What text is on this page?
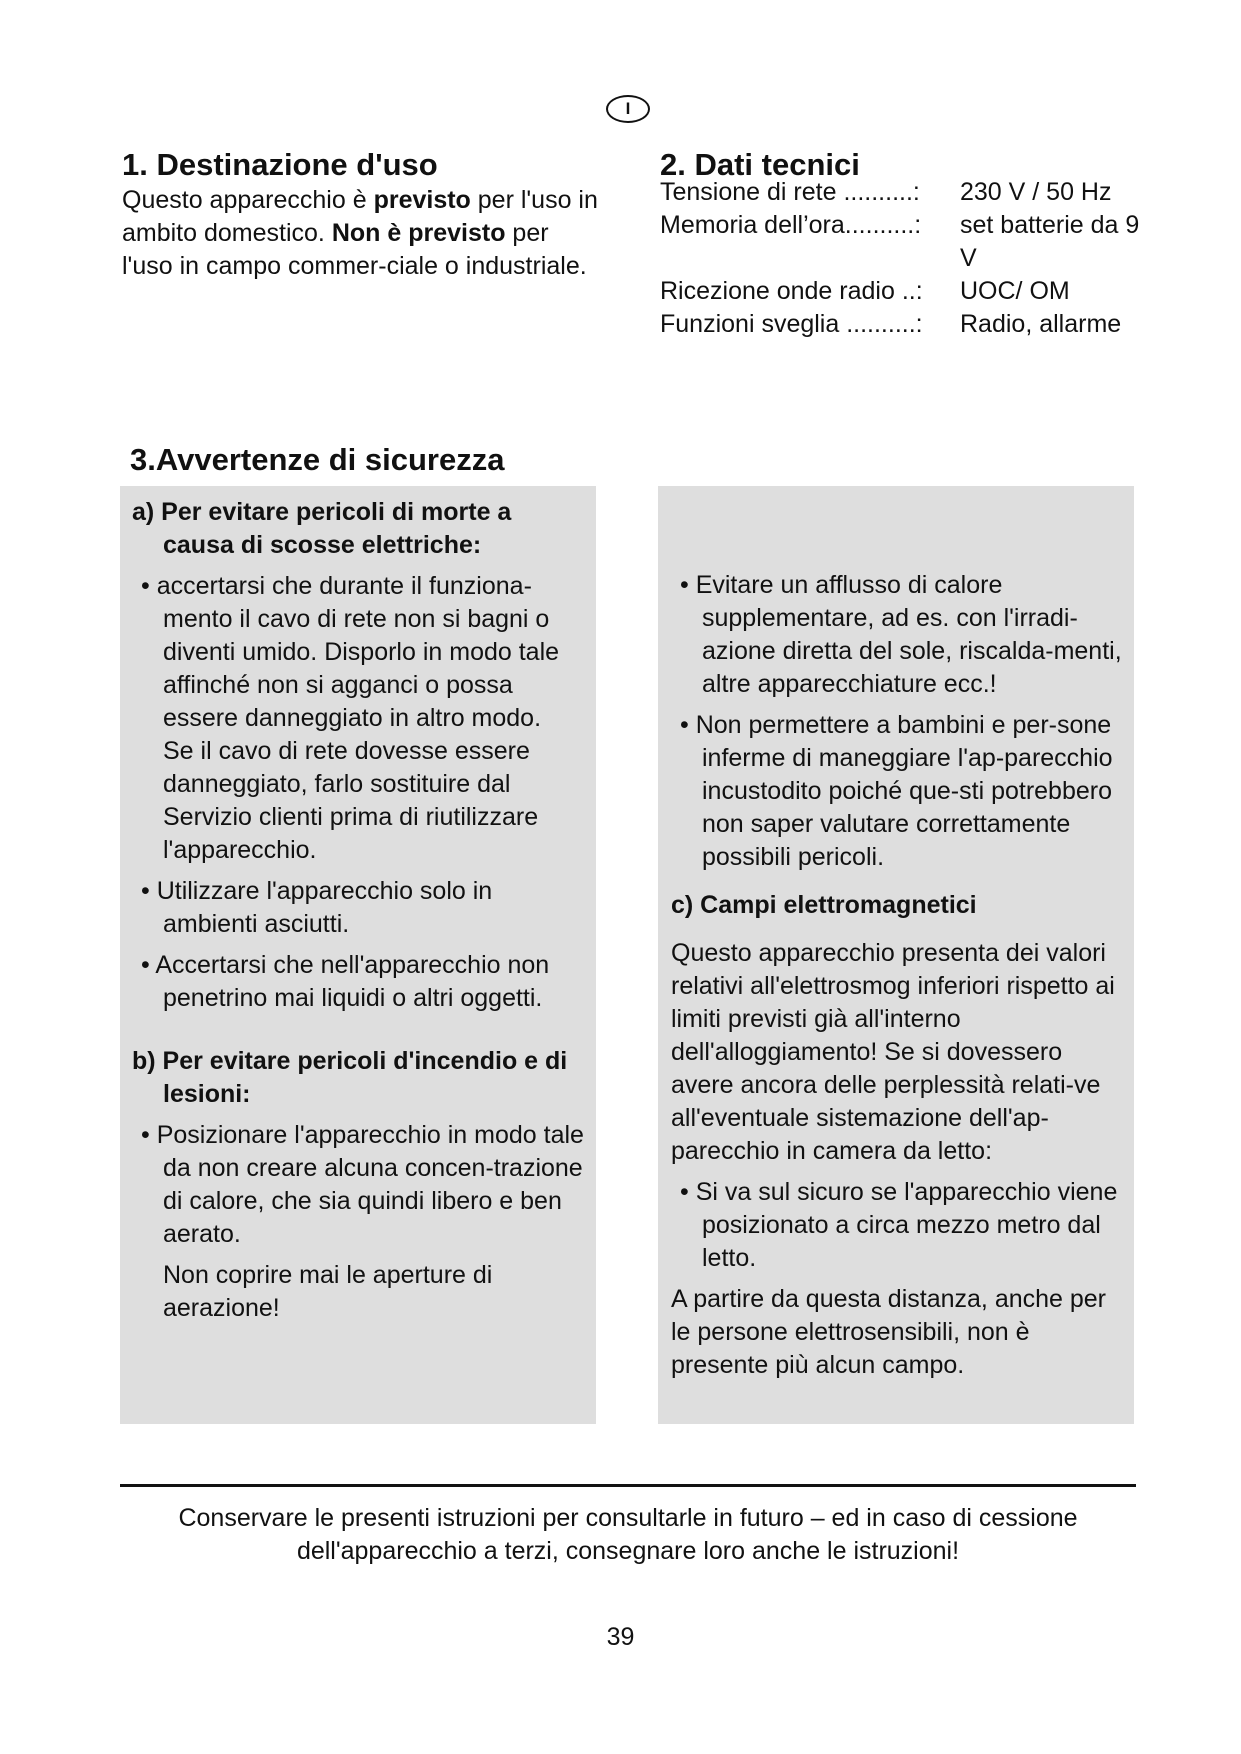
I
1. Destinazione d'uso
Questo apparecchio è previsto per l'uso in ambito domestico. Non è previsto per l'uso in campo commer-ciale o industriale.
2. Dati tecnici
Tensione di rete ..........:	230 V / 50 Hz
Memoria dell’ora..........:	set batterie da 9 V
Ricezione onde radio ..:	UOC/ OM
Funzioni sveglia ..........:	Radio, allarme
3.Avvertenze di sicurezza

a) Per evitare pericoli di morte a causa di scosse elettriche:

• accertarsi che durante il funziona-mento il cavo di rete non si bagni o diventi umido. Disporlo in modo tale affinché non si agganci o possa essere danneggiato in altro modo.

Se il cavo di rete dovesse essere danneggiato, farlo sostituire dal Servizio clienti prima di riutilizzare l'apparecchio.

• Utilizzare l'apparecchio solo in ambienti asciutti.

• Accertarsi che nell'apparecchio non penetrino mai liquidi o altri oggetti.

b) Per evitare pericoli d'incendio e di lesioni:

• Posizionare l'apparecchio in modo tale da non creare alcuna concen-trazione di calore, che sia quindi libero e ben aerato.

Non coprire mai le aperture di aerazione!

• Evitare un afflusso di calore supplementare, ad es. con l'irradi-azione diretta del sole, riscalda-menti, altre apparecchiature ecc.!

• Non permettere a bambini e per-sone inferme di maneggiare l'ap-parecchio incustodito poiché que-sti potrebbero non saper valutare correttamente possibili pericoli.

c) Campi elettromagnetici

Questo apparecchio presenta dei valori relativi all'elettrosmog inferiori rispetto ai limiti previsti già all'interno dell'alloggiamento! Se si dovessero avere ancora delle perplessità relati-ve all'eventuale sistemazione dell'ap-parecchio in camera da letto:

• Si va sul sicuro se l'apparecchio viene posizionato a circa mezzo metro dal letto.

A partire da questa distanza, anche per le persone elettrosensibili, non è presente più alcun campo.

Conservare le presenti istruzioni per consultarle in futuro – ed in caso di cessione dell'apparecchio a terzi, consegnare loro anche le istruzioni!
39
